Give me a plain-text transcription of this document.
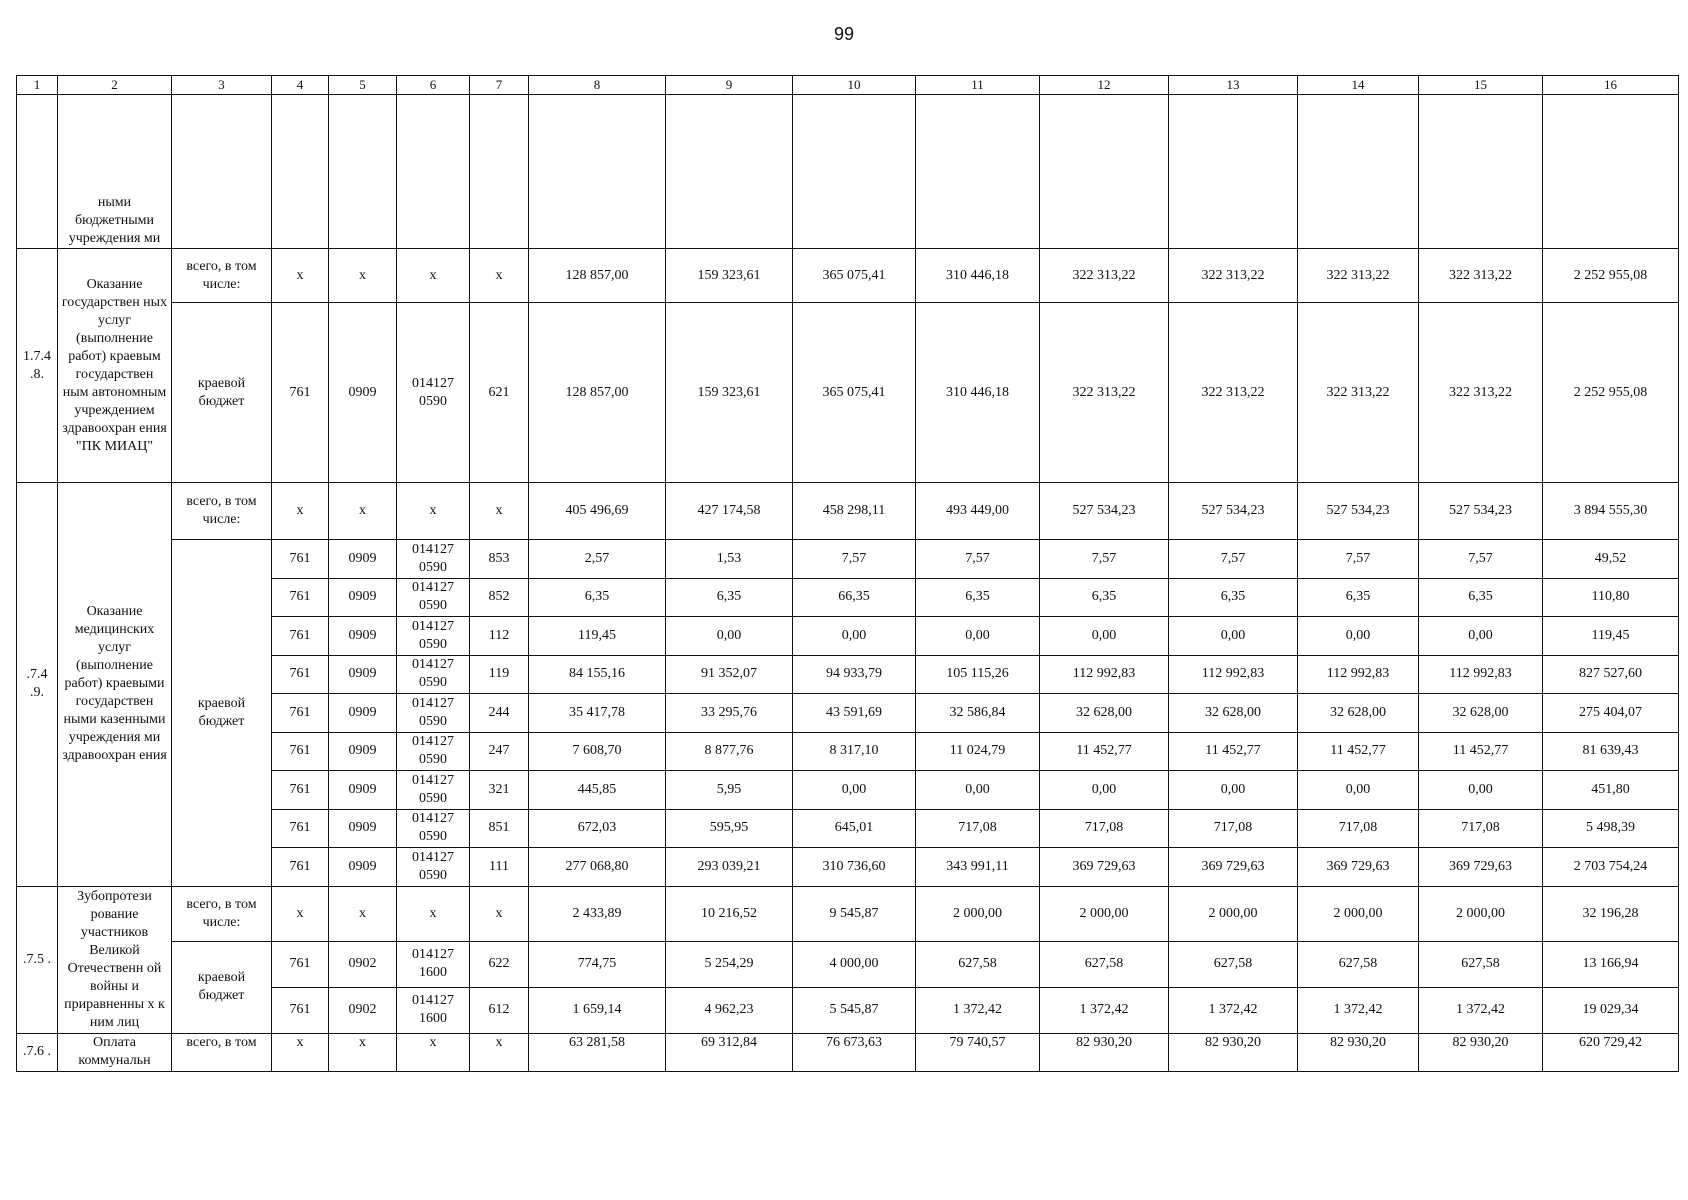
99
1	2	3	4	5	6	7	8	9	10	11	12	13	14	15	16
	ными бюджетными учреждения ми														
1.7.4 .8.	Оказание государствен ных услуг (выполнение работ) краевым государствен ным автономным учреждением здравоохран ения "ПК МИАЦ"	всего, в том числе:	x	x	x	x	128 857,00	159 323,61	365 075,41	310 446,18	322 313,22	322 313,22	322 313,22	322 313,22	2 252 955,08
		краевой бюджет	761	0909	014127 0590	621	128 857,00	159 323,61	365 075,41	310 446,18	322 313,22	322 313,22	322 313,22	322 313,22	2 252 955,08
.7.4 .9.	Оказание медицинских услуг (выполнение работ) краевыми государствен ными казенными учреждения ми здравоохран ения	всего, в том числе:	x	x	x	x	405 496,69	427 174,58	458 298,11	493 449,00	527 534,23	527 534,23	527 534,23	527 534,23	3 894 555,30
		краевой бюджет	761	0909	014127 0590	853	2,57	1,53	7,57	7,57	7,57	7,57	7,57	7,57	49,52
			761	0909	014127 0590	852	6,35	6,35	66,35	6,35	6,35	6,35	6,35	6,35	110,80
			761	0909	014127 0590	112	119,45	0,00	0,00	0,00	0,00	0,00	0,00	0,00	119,45
			761	0909	014127 0590	119	84 155,16	91 352,07	94 933,79	105 115,26	112 992,83	112 992,83	112 992,83	112 992,83	827 527,60
			761	0909	014127 0590	244	35 417,78	33 295,76	43 591,69	32 586,84	32 628,00	32 628,00	32 628,00	32 628,00	275 404,07
			761	0909	014127 0590	247	7 608,70	8 877,76	8 317,10	11 024,79	11 452,77	11 452,77	11 452,77	11 452,77	81 639,43
			761	0909	014127 0590	321	445,85	5,95	0,00	0,00	0,00	0,00	0,00	0,00	451,80
			761	0909	014127 0590	851	672,03	595,95	645,01	717,08	717,08	717,08	717,08	717,08	5 498,39
			761	0909	014127 0590	111	277 068,80	293 039,21	310 736,60	343 991,11	369 729,63	369 729,63	369 729,63	369 729,63	2 703 754,24
.7.5 .	Зубопротези рование участников Великой Отечественн ой войны и приравненны х к ним лиц	всего, в том числе:	x	x	x	x	2 433,89	10 216,52	9 545,87	2 000,00	2 000,00	2 000,00	2 000,00	2 000,00	32 196,28
		краевой бюджет	761	0902	014127 1600	622	774,75	5 254,29	4 000,00	627,58	627,58	627,58	627,58	627,58	13 166,94
			761	0902	014127 1600	612	1 659,14	4 962,23	5 545,87	1 372,42	1 372,42	1 372,42	1 372,42	1 372,42	19 029,34
.7.6 .	Оплата коммунальн	всего, в том	x	x	x	x	63 281,58	69 312,84	76 673,63	79 740,57	82 930,20	82 930,20	82 930,20	82 930,20	620 729,42
